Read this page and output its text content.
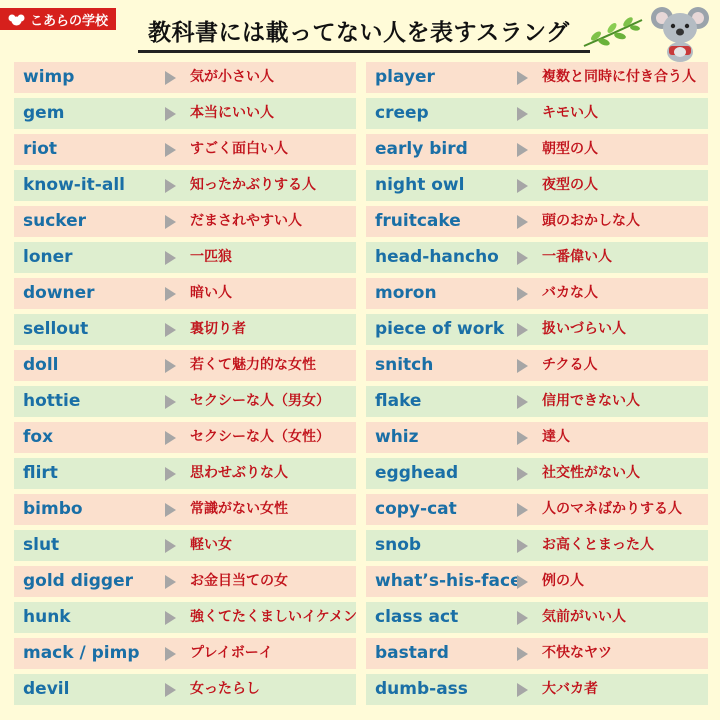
こあらの学校 教科書には載ってない人を表すスラング
wimp	気が小さい人
gem	本当にいい人
riot	すごく面白い人
know-it-all	知ったかぶりする人
sucker	だまされやすい人
loner	一匹狼
downer	暗い人
sellout	裏切り者
doll	若くて魅力的な女性
hottie	セクシーな人（男女）
fox	セクシーな人（女性）
flirt	思わせぶりな人
bimbo	常識がない女性
slut	軽い女
gold digger	お金目当ての女
hunk	強くてたくましいイケメン
mack / pimp	プレイボーイ
devil	女ったらし
player	複数と同時に付き合う人
creep	キモい人
early bird	朝型の人
night owl	夜型の人
fruitcake	頭のおかしな人
head-hancho	一番偉い人
moron	バカな人
piece of work	扱いづらい人
snitch	チクる人
flake	信用できない人
whiz	達人
egghead	社交性がない人
copy-cat	人のマネばかりする人
snob	お高くとまった人
what’s-his-face 例の人
class act	気前がいい人
bastard	不快なヤツ
dumb-ass	大バカ者
